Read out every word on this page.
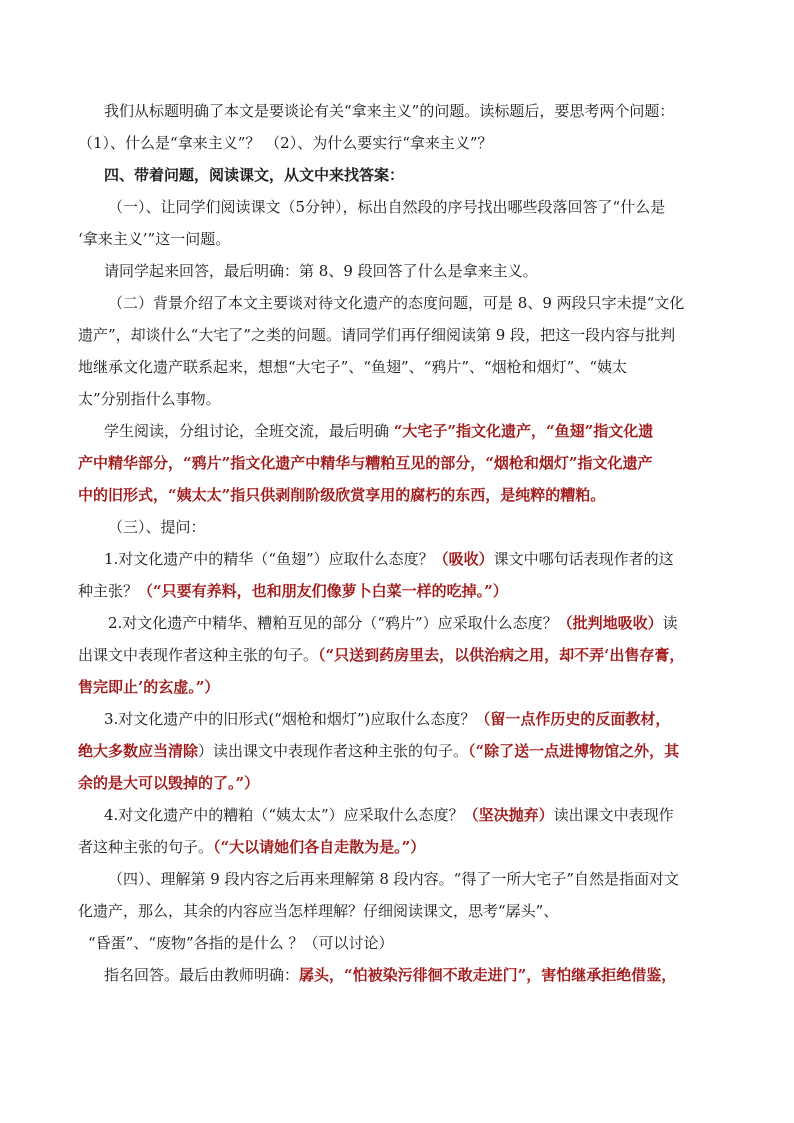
我们从标题明确了本文是要谈论有关“拿来主义”的问题。读标题后，要思考两个问题：
（1）、什么是“拿来主义”？ （2）、为什么要实行“拿来主义”？
四、带着问题，阅读课文，从文中来找答案：
（一）、让同学们阅读课文（5分钟），标出自然段的序号找出哪些段落回答了“什么是
‘拿来主义’”这一问题。
请同学起来回答，最后明确：第 8、9 段回答了什么是拿来主义。
（二）背景介绍了本文主要谈对待文化遗产的态度问题，可是 8、9 两段只字未提“文化
遗产”，却谈什么“大宅了”之类的问题。请同学们再仔细阅读第 9 段，把这一段内容与批判
地继承文化遗产联系起来，想想“大宅子”、“鱼翅”、“鸦片”、“烟枪和烟灯”、“姨太
太”分别指什么事物。
学生阅读，分组讨论，全班交流，最后明确 “大宅子”指文化遗产，“鱼翅”指文化遗
产中精华部分，“鸦片”指文化遗产中精华与糟粕互见的部分，“烟枪和烟灯”指文化遗产
中的旧形式，“姨太太”指只供剥削阶级欣赏享用的腐朽的东西，是纯粹的糟粕。
（三）、提问：
1.对文化遗产中的精华（“鱼翅”）应取什么态度？（吸收）课文中哪句话表现作者的这
种主张？（“只要有养料，也和朋友们像萝卜白菜一样的吃掉。”）
2.对文化遗产中精华、糟粕互见的部分（“鸦片”）应采取什么态度？（批判地吸收）读
出课文中表现作者这种主张的句子。（“只送到药房里去，以供治病之用，却不弄‘出售存膏，
售完即止’的玄虚。”）
3.对文化遗产中的旧形式(“烟枪和烟灯”)应取什么态度？（留一点作历史的反面教材，
绝大多数应当清除）读出课文中表现作者这种主张的句子。（“除了送一点进博物馆之外，其
余的是大可以毁掉的了。”）
4.对文化遗产中的糟粕（“姨太太”）应采取什么态度？（坚决抛弃）读出课文中表现作
者这种主张的句子。（“大以请她们各自走散为是。”）
（四）、理解第 9 段内容之后再来理解第 8 段内容。“得了一所大宅子”自然是指面对文
化遗产，那么，其余的内容应当怎样理解？仔细阅读课文，思考“孱头”、
“昏蛋”、“废物”各指的是什么 ？（可以讨论）
指名回答。最后由教师明确：孱头，“怕被染污徘徊不敢走进门”，害怕继承拒绝借鉴，
